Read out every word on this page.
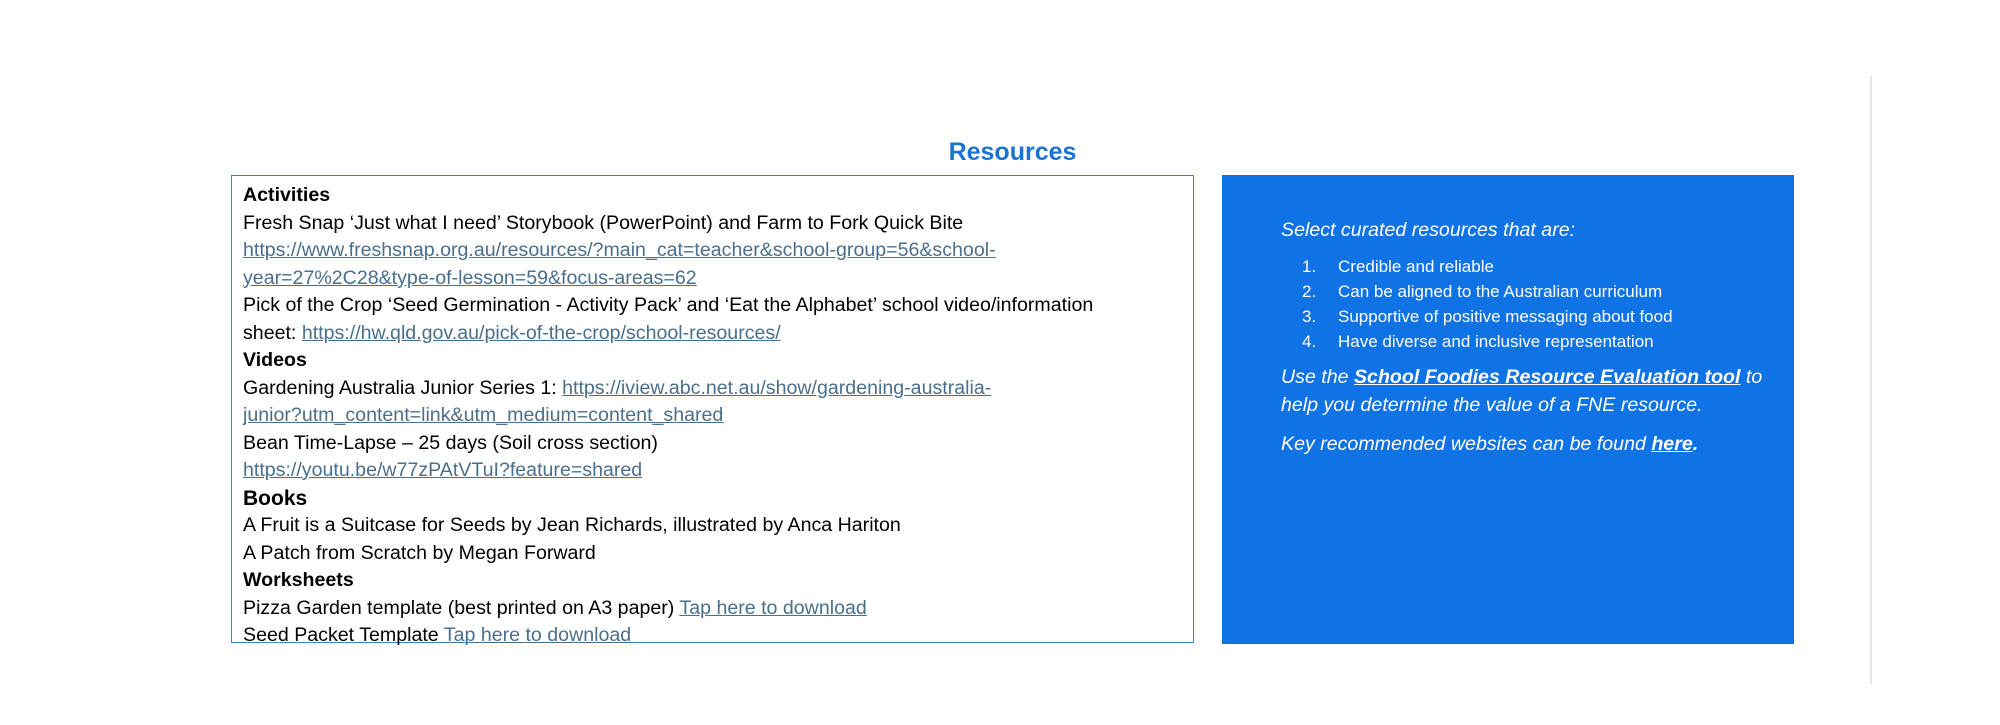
Resources
Activities
Fresh Snap ‘Just what I need’ Storybook (PowerPoint) and Farm to Fork Quick Bite
https://www.freshsnap.org.au/resources/?main_cat=teacher&school-group=56&school-
year=27%2C28&type-of-lesson=59&focus-areas=62
Pick of the Crop ‘Seed Germination - Activity Pack’ and ‘Eat the Alphabet’ school video/information
sheet: https://hw.qld.gov.au/pick-of-the-crop/school-resources/
Videos
Gardening Australia Junior Series 1: https://iview.abc.net.au/show/gardening-australia-
junior?utm_content=link&utm_medium=content_shared
Bean Time-Lapse – 25 days (Soil cross section)
https://youtu.be/w77zPAtVTuI?feature=shared
Books
A Fruit is a Suitcase for Seeds by Jean Richards, illustrated by Anca Hariton
A Patch from Scratch by Megan Forward
Worksheets
Pizza Garden template (best printed on A3 paper) Tap here to download
Seed Packet Template Tap here to download

Select curated resources that are:

1.	Credible and reliable
2.	Can be aligned to the Australian curriculum
3.	Supportive of positive messaging about food
4.	Have diverse and inclusive representation

Use the School Foodies Resource Evaluation tool to help you determine the value of a FNE resource.

Key recommended websites can be found here.
